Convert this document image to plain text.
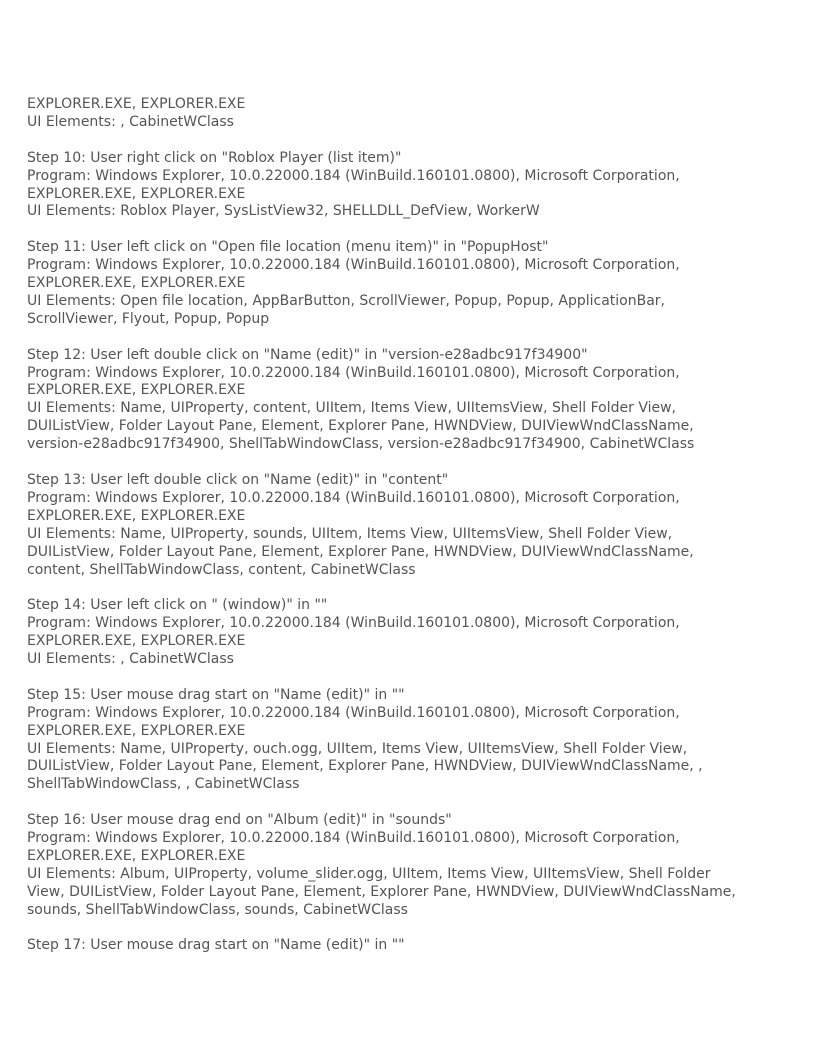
EXPLORER.EXE, EXPLORER.EXE
UI Elements: , CabinetWClass
Step 10: User right click on "Roblox Player (list item)"
Program: Windows Explorer, 10.0.22000.184 (WinBuild.160101.0800), Microsoft Corporation,
EXPLORER.EXE, EXPLORER.EXE
UI Elements: Roblox Player, SysListView32, SHELLDLL_DefView, WorkerW
Step 11: User left click on "Open file location (menu item)" in "PopupHost"
Program: Windows Explorer, 10.0.22000.184 (WinBuild.160101.0800), Microsoft Corporation,
EXPLORER.EXE, EXPLORER.EXE
UI Elements: Open file location, AppBarButton, ScrollViewer, Popup, Popup, ApplicationBar,
ScrollViewer, Flyout, Popup, Popup
Step 12: User left double click on "Name (edit)" in "version-e28adbc917f34900"
Program: Windows Explorer, 10.0.22000.184 (WinBuild.160101.0800), Microsoft Corporation,
EXPLORER.EXE, EXPLORER.EXE
UI Elements: Name, UIProperty, content, UIItem, Items View, UIItemsView, Shell Folder View,
DUIListView, Folder Layout Pane, Element, Explorer Pane, HWNDView, DUIViewWndClassName,
version-e28adbc917f34900, ShellTabWindowClass, version-e28adbc917f34900, CabinetWClass
Step 13: User left double click on "Name (edit)" in "content"
Program: Windows Explorer, 10.0.22000.184 (WinBuild.160101.0800), Microsoft Corporation,
EXPLORER.EXE, EXPLORER.EXE
UI Elements: Name, UIProperty, sounds, UIItem, Items View, UIItemsView, Shell Folder View,
DUIListView, Folder Layout Pane, Element, Explorer Pane, HWNDView, DUIViewWndClassName,
content, ShellTabWindowClass, content, CabinetWClass
Step 14: User left click on " (window)" in ""
Program: Windows Explorer, 10.0.22000.184 (WinBuild.160101.0800), Microsoft Corporation,
EXPLORER.EXE, EXPLORER.EXE
UI Elements: , CabinetWClass
Step 15: User mouse drag start on "Name (edit)" in ""
Program: Windows Explorer, 10.0.22000.184 (WinBuild.160101.0800), Microsoft Corporation,
EXPLORER.EXE, EXPLORER.EXE
UI Elements: Name, UIProperty, ouch.ogg, UIItem, Items View, UIItemsView, Shell Folder View,
DUIListView, Folder Layout Pane, Element, Explorer Pane, HWNDView, DUIViewWndClassName, ,
ShellTabWindowClass, , CabinetWClass
Step 16: User mouse drag end on "Album (edit)" in "sounds"
Program: Windows Explorer, 10.0.22000.184 (WinBuild.160101.0800), Microsoft Corporation,
EXPLORER.EXE, EXPLORER.EXE
UI Elements: Album, UIProperty, volume_slider.ogg, UIItem, Items View, UIItemsView, Shell Folder
View, DUIListView, Folder Layout Pane, Element, Explorer Pane, HWNDView, DUIViewWndClassName,
sounds, ShellTabWindowClass, sounds, CabinetWClass
Step 17: User mouse drag start on "Name (edit)" in ""
